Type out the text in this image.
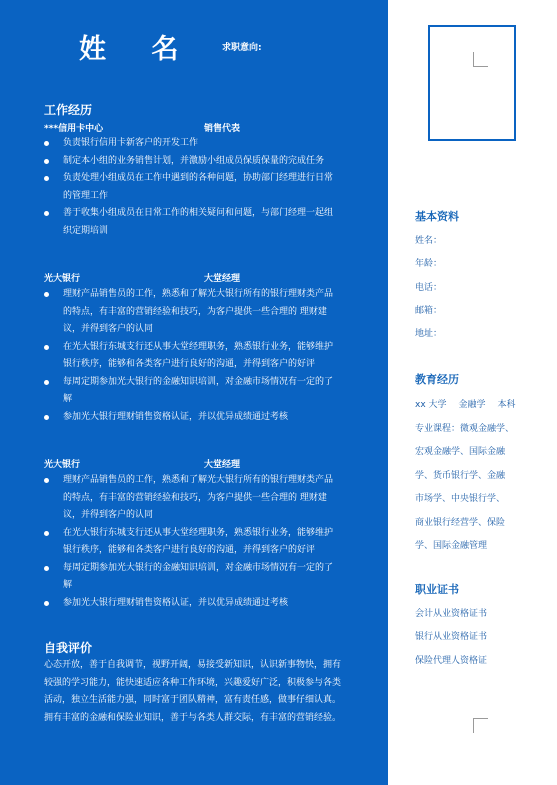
姓 名	求职意向:
工作经历
***信用卡中心	销售代表
负责银行信用卡新客户的开发工作
制定本小组的业务销售计划，并激励小组成员保质保量的完成任务
负责处理小组成员在工作中遇到的各种问题，协助部门经理进行日常的管理工作
善于收集小组成员在日常工作的相关疑问和问题，与部门经理一起组织定期培训
光大银行	大堂经理
理财产品销售员的工作，熟悉和了解光大银行所有的银行理财类产品的特点，有丰富的营销经验和技巧，为客户提供一些合理的 理财建议，并得到客户的认同
在光大银行东城支行还从事大堂经理职务，熟悉银行业务，能够维护银行秩序，能够和各类客户进行良好的沟通，并得到客户的好评
每周定期参加光大银行的金融知识培训，对金融市场情况有一定的了解
参加光大银行理财销售资格认证，并以优异成绩通过考核
光大银行	大堂经理
理财产品销售员的工作，熟悉和了解光大银行所有的银行理财类产品的特点，有丰富的营销经验和技巧，为客户提供一些合理的 理财建议，并得到客户的认同
在光大银行东城支行还从事大堂经理职务，熟悉银行业务，能够维护银行秩序，能够和各类客户进行良好的沟通，并得到客户的好评
每周定期参加光大银行的金融知识培训，对金融市场情况有一定的了解
参加光大银行理财销售资格认证，并以优异成绩通过考核
自我评价
心态开放，善于自我调节，视野开阔，易接受新知识，认识新事物快，拥有较强的学习能力，能快速适应各种工作环境，兴趣爱好广泛，积极参与各类活动，独立生活能力强，同时富于团队精神，富有责任感，做事仔细认真。拥有丰富的金融和保险业知识，善于与各类人群交际，有丰富的营销经验。
基本资料
姓名：
年龄：
电话：
邮箱：
地址：
教育经历
xx 大学 金融学 本科
专业课程：微观金融学、
宏观金融学、国际金融
学、货币银行学、金融
市场学、中央银行学、
商业银行经营学、保险
学、国际金融管理
职业证书
会计从业资格证书
银行从业资格证书
保险代理人资格证
